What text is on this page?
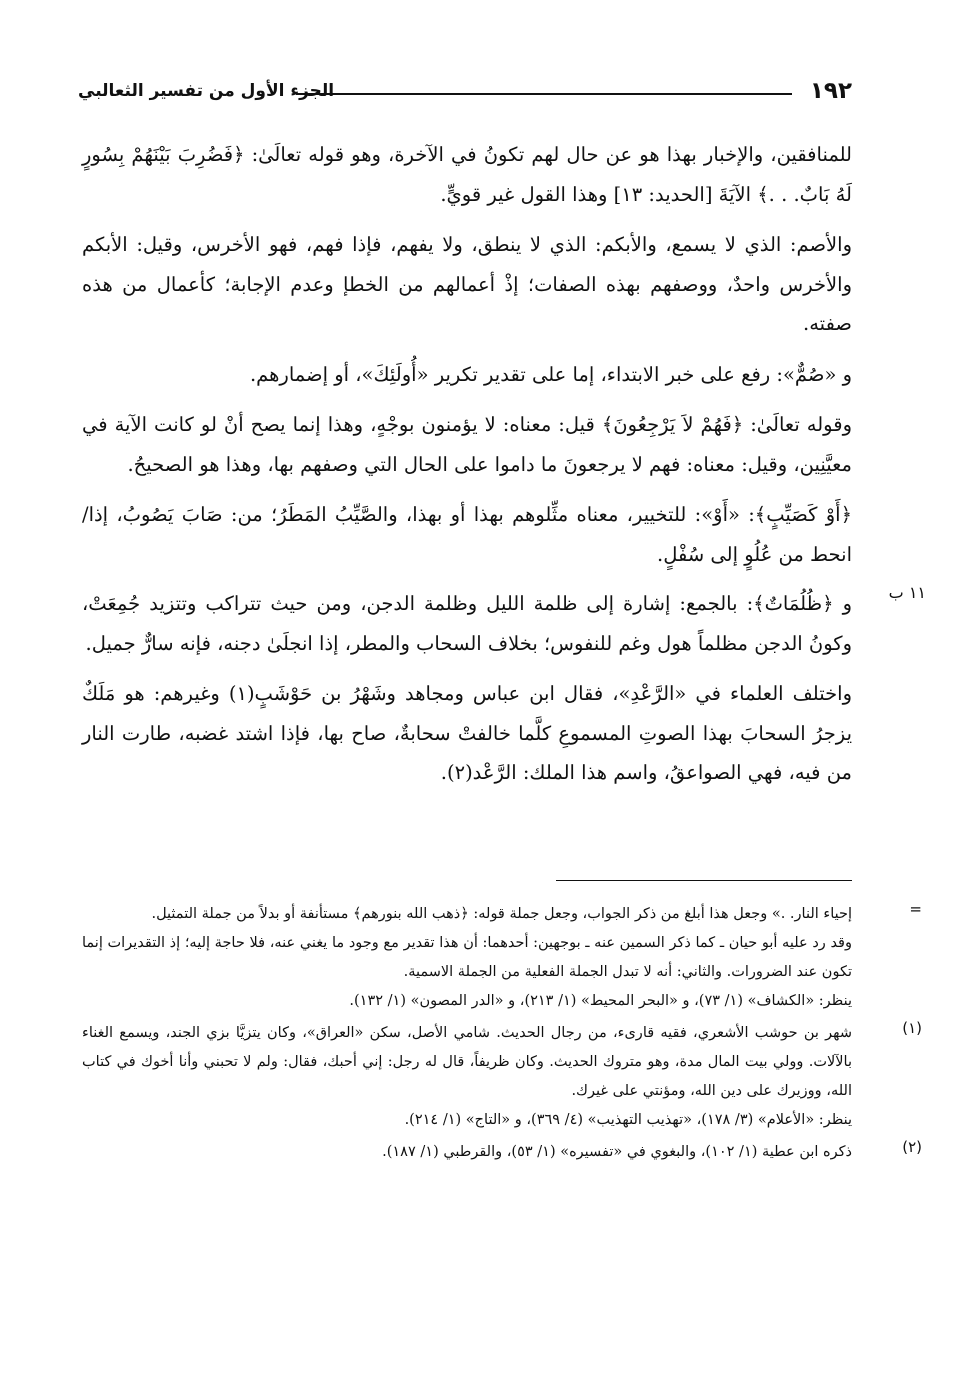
١٩٢
الجزء الأول من تفسير الثعالبي

للمنافقين، والإخبار بهذا هو عن حال لهم تكونُ في الآخرة، وهو قوله تعالَىٰ: ﴿فَضُرِبَ بَيْنَهُمْ بِسُورٍ لَهُ بَابٌ. . .﴾ الآيَةَ [الحديد: ١٣] وهذا القول غير قويٍّ.

والأصم: الذي لا يسمع، والأبكم: الذي لا ينطق، ولا يفهم، فإذا فهم، فهو الأخرس، وقيل: الأبكم والأخرس واحدٌ، ووصفهم بهذه الصفات؛ إذْ أعمالهم من الخطإ وعدم الإجابة؛ كأعمال من هذه صفته.

و «صُمٌّ»: رفع على خبر الابتداء، إما على تقدير تكرير «أُولَئِكَ»، أو إضمارهم.

وقوله تعالَىٰ: ﴿فَهُمْ لاَ يَرْجِعُونَ﴾ قيل: معناه: لا يؤمنون بوجْهٍ، وهذا إنما يصح أنْ لو كانت الآية في معيَّنِين، وقيل: معناه: فهم لا يرجعونَ ما داموا على الحال التي وصفهم بها، وهذا هو الصحيحُ.

﴿أَوْ كَصَيِّبٍ﴾: «أَوْ»: للتخيير، معناه مثِّلوهم بهذا أو بهذا، والصَّيِّبُ المَطَرُ؛ من: صَابَ يَصُوبُ، إذا/ انحط من عُلُوٍ إلى سُفْلٍ.

و ﴿ظُلُمَاتٌ﴾: بالجمع: إشارة إلى ظلمة الليل وظلمة الدجن، ومن حيث تتراكب وتتزيد جُمِعَتْ، وكونُ الدجن مظلماً هول وغم للنفوس؛ بخلاف السحاب والمطر، إذا انجلَىٰ دجنه، فإنه سارٌّ جميل.

واختلف العلماء في «الرَّعْدِ»، فقال ابن عباس ومجاهد وشَهْرُ بن حَوْشَبٍ(١) وغيرهم: هو مَلَكٌ يزجرُ السحابَ بهذا الصوتِ المسموعِ كلَّما خالفتْ سحابةٌ، صاح بها، فإذا اشتد غضبه، طارت النار من فيه، فهي الصواعقُ، واسم هذا الملك: الرَّعْد(٢).

١١ ب
=

إحياء النار. .» وجعل هذا أبلغ من ذكر الجواب، وجعل جملة قوله: ﴿ذهب الله بنورهم﴾ مستأنفة أو بدلاً من جملة التمثيل.

وقد رد عليه أبو حيان ـ كما ذكر السمين عنه ـ بوجهين: أحدهما: أن هذا تقدير مع وجود ما يغني عنه، فلا حاجة إليه؛ إذ التقديرات إنما تكون عند الضرورات. والثاني: أنه لا تبدل الجملة الفعلية من الجملة الاسمية.

ينظر: «الكشاف» (١/ ٧٣)، و «البحر المحيط» (١/ ٢١٣)، و «الدر المصون» (١/ ١٣٢).

(١)

شهر بن حوشب الأشعري، فقيه قارىء، من رجال الحديث. شامي الأصل، سكن «العراق»، وكان يتزيَّا بزي الجند، ويسمع الغناء بالآلات. وولي بيت المال مدة، وهو متروك الحديث. وكان ظريفاً، قال له رجل: إني أحبك، فقال: ولم لا تحبني وأنا أخوك في كتاب الله، ووزيرك على دين الله، ومؤنتي على غيرك.

ينظر: «الأعلام» (٣/ ١٧٨)، «تهذيب التهذيب» (٤/ ٣٦٩)، و «التاج» (١/ ٢١٤).

(٢)

ذكره ابن عطية (١/ ١٠٢)، والبغوي في «تفسيره» (١/ ٥٣)، والقرطبي (١/ ١٨٧).
